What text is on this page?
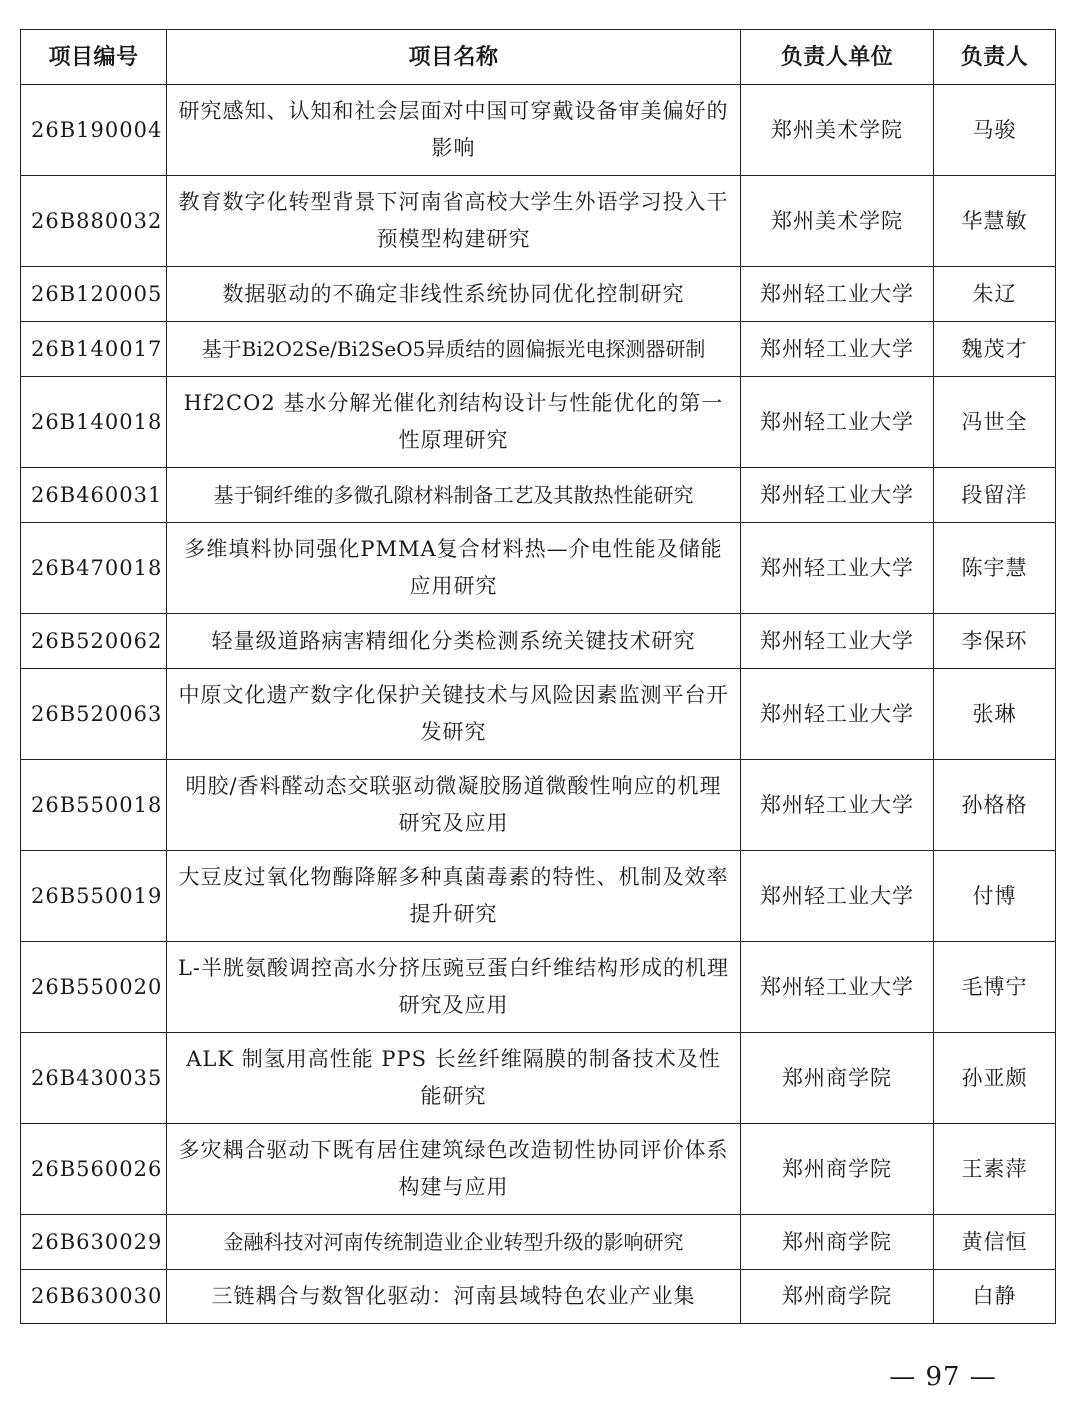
项目编号	项目名称	负责人单位	负责人
26B190004	研究感知、认知和社会层面对中国可穿戴设备审美偏好的影响	郑州美术学院	马骏
26B880032	教育数字化转型背景下河南省高校大学生外语学习投入干预模型构建研究	郑州美术学院	华慧敏
26B120005	数据驱动的不确定非线性系统协同优化控制研究	郑州轻工业大学	朱辽
26B140017	基于Bi2O2Se/Bi2SeO5异质结的圆偏振光电探测器研制	郑州轻工业大学	魏茂才
26B140018	Hf2CO2 基水分解光催化剂结构设计与性能优化的第一性原理研究	郑州轻工业大学	冯世全
26B460031	基于铜纤维的多微孔隙材料制备工艺及其散热性能研究	郑州轻工业大学	段留洋
26B470018	多维填料协同强化PMMA复合材料热—介电性能及储能应用研究	郑州轻工业大学	陈宇慧
26B520062	轻量级道路病害精细化分类检测系统关键技术研究	郑州轻工业大学	李保环
26B520063	中原文化遗产数字化保护关键技术与风险因素监测平台开发研究	郑州轻工业大学	张琳
26B550018	明胶/香料醛动态交联驱动微凝胶肠道微酸性响应的机理研究及应用	郑州轻工业大学	孙格格
26B550019	大豆皮过氧化物酶降解多种真菌毒素的特性、机制及效率提升研究	郑州轻工业大学	付博
26B550020	L-半胱氨酸调控高水分挤压豌豆蛋白纤维结构形成的机理研究及应用	郑州轻工业大学	毛博宁
26B430035	ALK 制氢用高性能 PPS 长丝纤维隔膜的制备技术及性能研究	郑州商学院	孙亚颇
26B560026	多灾耦合驱动下既有居住建筑绿色改造韧性协同评价体系构建与应用	郑州商学院	王素萍
26B630029	金融科技对河南传统制造业企业转型升级的影响研究	郑州商学院	黄信恒
26B630030	三链耦合与数智化驱动：河南县域特色农业产业集	郑州商学院	白静
— 97 —
